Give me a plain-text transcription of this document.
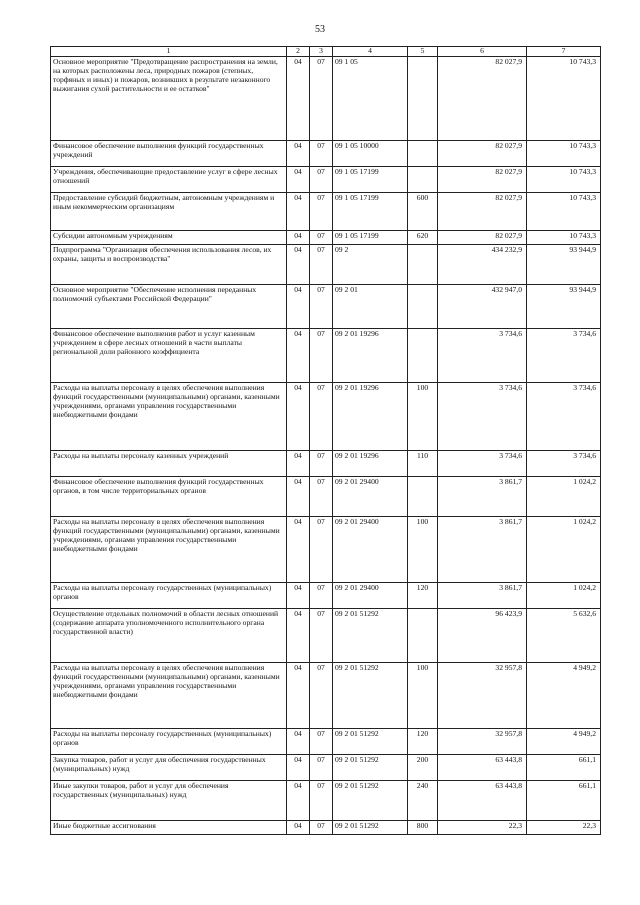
53
1	2	3	4	5	6	7
Основное мероприятие "Предотвращение распространения на земли, на которых расположены леса, природных пожаров (степных, торфяных и иных) и пожаров, возникших в результате незаконного выжигания сухой растительности и ее остатков"	04	07	09 1 05		82 027,9	10 743,3
Финансовое обеспечение выполнения функций государственных учреждений	04	07	09 1 05 10000		82 027,9	10 743,3
Учреждения, обеспечивающие предоставление услуг в сфере лесных отношений	04	07	09 1 05 17199		82 027,9	10 743,3
Предоставление субсидий бюджетным, автономным учреждениям и иным некоммерческим организациям	04	07	09 1 05 17199	600	82 027,9	10 743,3
Субсидии автономным учреждениям	04	07	09 1 05 17199	620	82 027,9	10 743,3
Подпрограмма "Организация обеспечения использования лесов, их охраны, защиты и воспроизводства"	04	07	09 2		434 232,9	93 944,9
Основное мероприятие "Обеспечение исполнения переданных полномочий субъектами Российской Федерации"	04	07	09 2 01		432 947,0	93 944,9
Финансовое обеспечение выполнения работ и услуг казенным учреждением в сфере лесных отношений в части выплаты региональной доли районного коэффициента	04	07	09 2 01 19296		3 734,6	3 734,6
Расходы на выплаты персоналу в целях обеспечения выполнения функций государственными (муниципальными) органами, казенными учреждениями, органами управления государственными внебюджетными фондами	04	07	09 2 01 19296	100	3 734,6	3 734,6
Расходы на выплаты персоналу казенных учреждений	04	07	09 2 01 19296	110	3 734,6	3 734,6
Финансовое обеспечение выполнения функций государственных органов, в том числе территориальных органов	04	07	09 2 01 29400		3 861,7	1 024,2
Расходы на выплаты персоналу в целях обеспечения выполнения функций государственными (муниципальными) органами, казенными учреждениями, органами управления государственными внебюджетными фондами	04	07	09 2 01 29400	100	3 861,7	1 024,2
Расходы на выплаты персоналу государственных (муниципальных) органов	04	07	09 2 01 29400	120	3 861,7	1 024,2
Осуществление отдельных полномочий в области лесных отношений (содержание аппарата уполномоченного исполнительного органа государственной власти)	04	07	09 2 01 51292		96 423,9	5 632,6
Расходы на выплаты персоналу в целях обеспечения выполнения функций государственными (муниципальными) органами, казенными учреждениями, органами управления государственными внебюджетными фондами	04	07	09 2 01 51292	100	32 957,8	4 949,2
Расходы на выплаты персоналу государственных (муниципальных) органов	04	07	09 2 01 51292	120	32 957,8	4 949,2
Закупка товаров, работ и услуг для обеспечения государственных (муниципальных) нужд	04	07	09 2 01 51292	200	63 443,8	661,1
Иные закупки товаров, работ и услуг для обеспечения государственных (муниципальных) нужд	04	07	09 2 01 51292	240	63 443,8	661,1
Иные бюджетные ассигнования	04	07	09 2 01 51292	800	22,3	22,3
